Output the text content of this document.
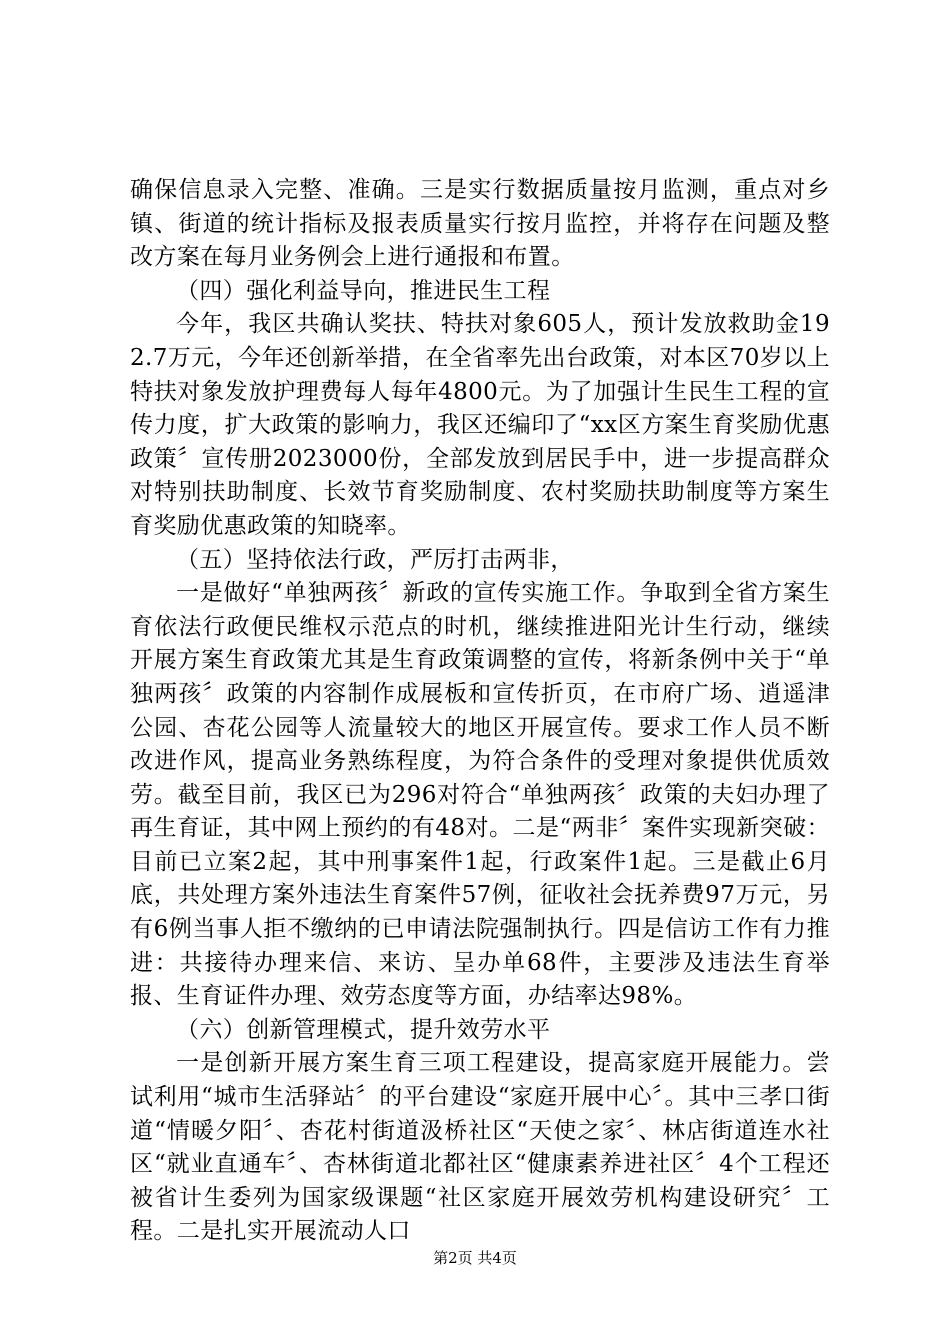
确保信息录入完整、准确。三是实行数据质量按月监测，重点对乡镇、街道的统计指标及报表质量实行按月监控，并将存在问题及整改方案在每月业务例会上进行通报和布置。

（四）强化利益导向，推进民生工程

今年，我区共确认奖扶、特扶对象605人，预计发放救助金192.7万元，今年还创新举措，在全省率先出台政策，对本区70岁以上特扶对象发放护理费每人每年4800元。为了加强计生民生工程的宣传力度，扩大政策的影响力，我区还编印了“xx区方案生育奖励优惠政策〞宣传册2023000份，全部发放到居民手中，进一步提高群众对特别扶助制度、长效节育奖励制度、农村奖励扶助制度等方案生育奖励优惠政策的知晓率。

（五）坚持依法行政，严厉打击两非，

一是做好“单独两孩〞新政的宣传实施工作。争取到全省方案生育依法行政便民维权示范点的时机，继续推进阳光计生行动，继续开展方案生育政策尤其是生育政策调整的宣传，将新条例中关于“单独两孩〞政策的内容制作成展板和宣传折页，在市府广场、逍遥津公园、杏花公园等人流量较大的地区开展宣传。要求工作人员不断改进作风，提高业务熟练程度，为符合条件的受理对象提供优质效劳。截至目前，我区已为296对符合“单独两孩〞政策的夫妇办理了再生育证，其中网上预约的有48对。二是“两非〞案件实现新突破：目前已立案2起，其中刑事案件1起，行政案件1起。三是截止6月底，共处理方案外违法生育案件57例，征收社会抚养费97万元，另有6例当事人拒不缴纳的已申请法院强制执行。四是信访工作有力推进：共接待办理来信、来访、呈办单68件，主要涉及违法生育举报、生育证件办理、效劳态度等方面，办结率达98%。

（六）创新管理模式，提升效劳水平

一是创新开展方案生育三项工程建设，提高家庭开展能力。尝试利用“城市生活驿站〞的平台建设“家庭开展中心〞。其中三孝口街道“情暖夕阳〞、杏花村街道汲桥社区“天使之家〞、林店街道连水社区“就业直通车〞、杏林街道北都社区“健康素养进社区〞4个工程还被省计生委列为国家级课题“社区家庭开展效劳机构建设研究〞工程。二是扎实开展流动人口

第2页 共4页
